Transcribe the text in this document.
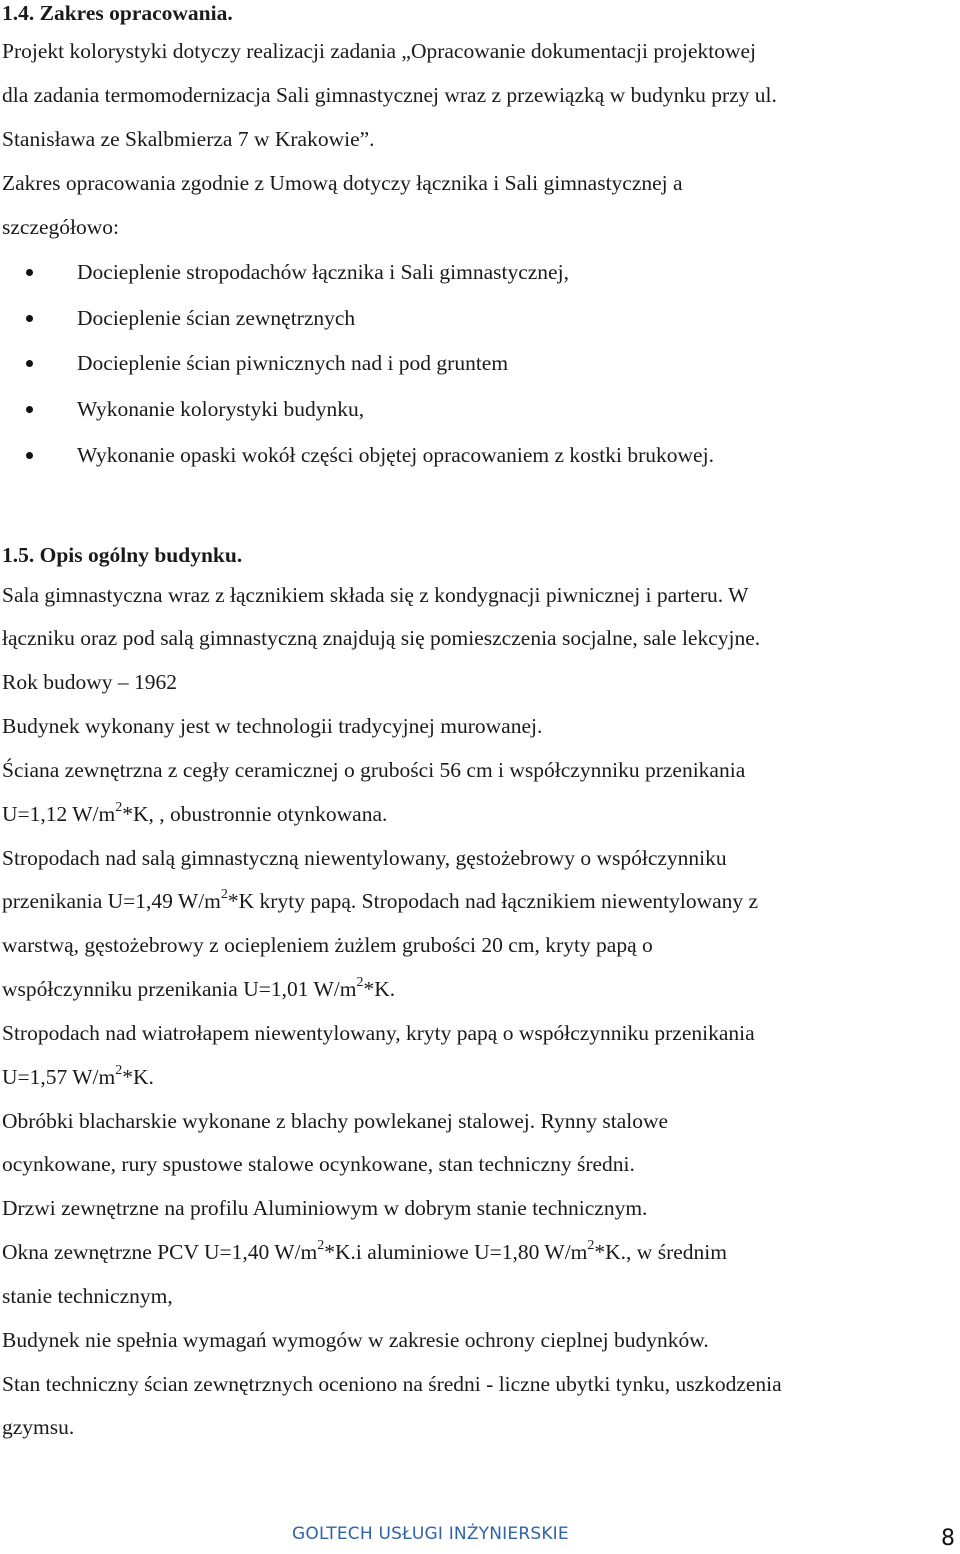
1.4. Zakres opracowania.
Projekt kolorystyki dotyczy realizacji zadania „Opracowanie dokumentacji projektowej
dla zadania termomodernizacja Sali gimnastycznej wraz z przewiązką w budynku przy ul.
Stanisława ze Skalbmierza 7 w Krakowie”.
Zakres opracowania zgodnie z Umową dotyczy łącznika i Sali gimnastycznej a
szczegółowo:
Docieplenie stropodachów łącznika i Sali gimnastycznej,
Docieplenie ścian zewnętrznych
Docieplenie ścian piwnicznych nad i pod gruntem
Wykonanie kolorystyki budynku,
Wykonanie opaski wokół części objętej opracowaniem z kostki brukowej.
1.5. Opis ogólny budynku.
Sala gimnastyczna wraz z łącznikiem składa się z kondygnacji piwnicznej i parteru. W
łączniku oraz pod salą gimnastyczną znajdują się pomieszczenia socjalne, sale lekcyjne.
Rok budowy – 1962
Budynek wykonany jest w technologii tradycyjnej murowanej.
Ściana zewnętrzna z cegły ceramicznej o grubości 56 cm i współczynniku przenikania
U=1,12 $W/m^2*K$, , obustronnie otynkowana.
Stropodach nad salą gimnastyczną niewentylowany, gęstożebrowy o współczynniku
przenikania U=1,49 $W/m^2*K$ kryty papą. Stropodach nad łącznikiem niewentylowany z
warstwą, gęstożebrowy z ociepleniem żużlem grubości 20 cm, kryty papą o
współczynniku przenikania U=1,01 $W/m^2*K$.
Stropodach nad wiatrołapem niewentylowany, kryty papą o współczynniku przenikania
U=1,57 $W/m^2*K$.
Obróbki blacharskie wykonane z blachy powlekanej stalowej. Rynny stalowe
ocynkowane, rury spustowe stalowe ocynkowane, stan techniczny średni.
Drzwi zewnętrzne na profilu Aluminiowym w dobrym stanie technicznym.
Okna zewnętrzne PCV U=1,40 $W/m^2*K.i$ aluminiowe U=1,80 $W/m^2*K$., w średnim
stanie technicznym,
Budynek nie spełnia wymagań wymogów w zakresie ochrony cieplnej budynków.
Stan techniczny ścian zewnętrznych oceniono na średni - liczne ubytki tynku, uszkodzenia
gzymsu.
GOLTECH USŁUGI INŻYNIERSKIE	8
